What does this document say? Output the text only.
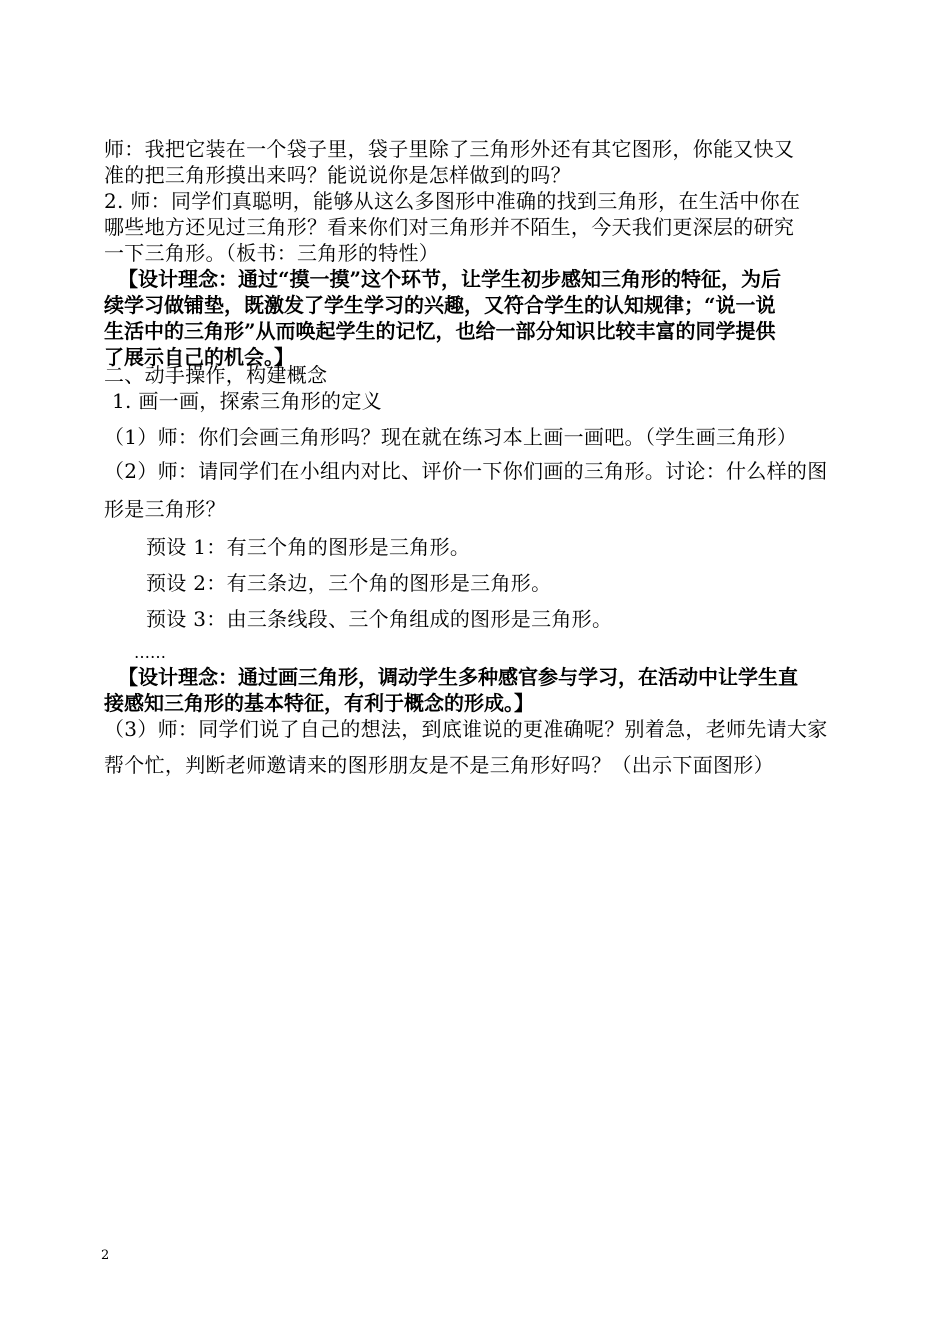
师：我把它装在一个袋子里，袋子里除了三角形外还有其它图形，你能又快又
准的把三角形摸出来吗？能说说你是怎样做到的吗？
2. 师：同学们真聪明，能够从这么多图形中准确的找到三角形，在生活中你在
哪些地方还见过三角形？看来你们对三角形并不陌生，今天我们更深层的研究
一下三角形。（板书：三角形的特性）
【设计理念：通过“摸一摸”这个环节，让学生初步感知三角形的特征，为后
续学习做铺垫，既激发了学生学习的兴趣，又符合学生的认知规律；“说一说
生活中的三角形”从而唤起学生的记忆，也给一部分知识比较丰富的同学提供
了展示自己的机会。】
二、动手操作，构建概念
1. 画一画，探索三角形的定义
（1）师：你们会画三角形吗？现在就在练习本上画一画吧。（学生画三角形）
（2）师：请同学们在小组内对比、评价一下你们画的三角形。讨论：什么样的图
形是三角形？
预设 1：有三个角的图形是三角形。
预设 2：有三条边，三个角的图形是三角形。
预设 3：由三条线段、三个角组成的图形是三角形。
……
【设计理念：通过画三角形，调动学生多种感官参与学习，在活动中让学生直
接感知三角形的基本特征，有利于概念的形成。】
（3）师：同学们说了自己的想法，到底谁说的更准确呢？别着急，老师先请大家
帮个忙，判断老师邀请来的图形朋友是不是三角形好吗？（出示下面图形）
2
